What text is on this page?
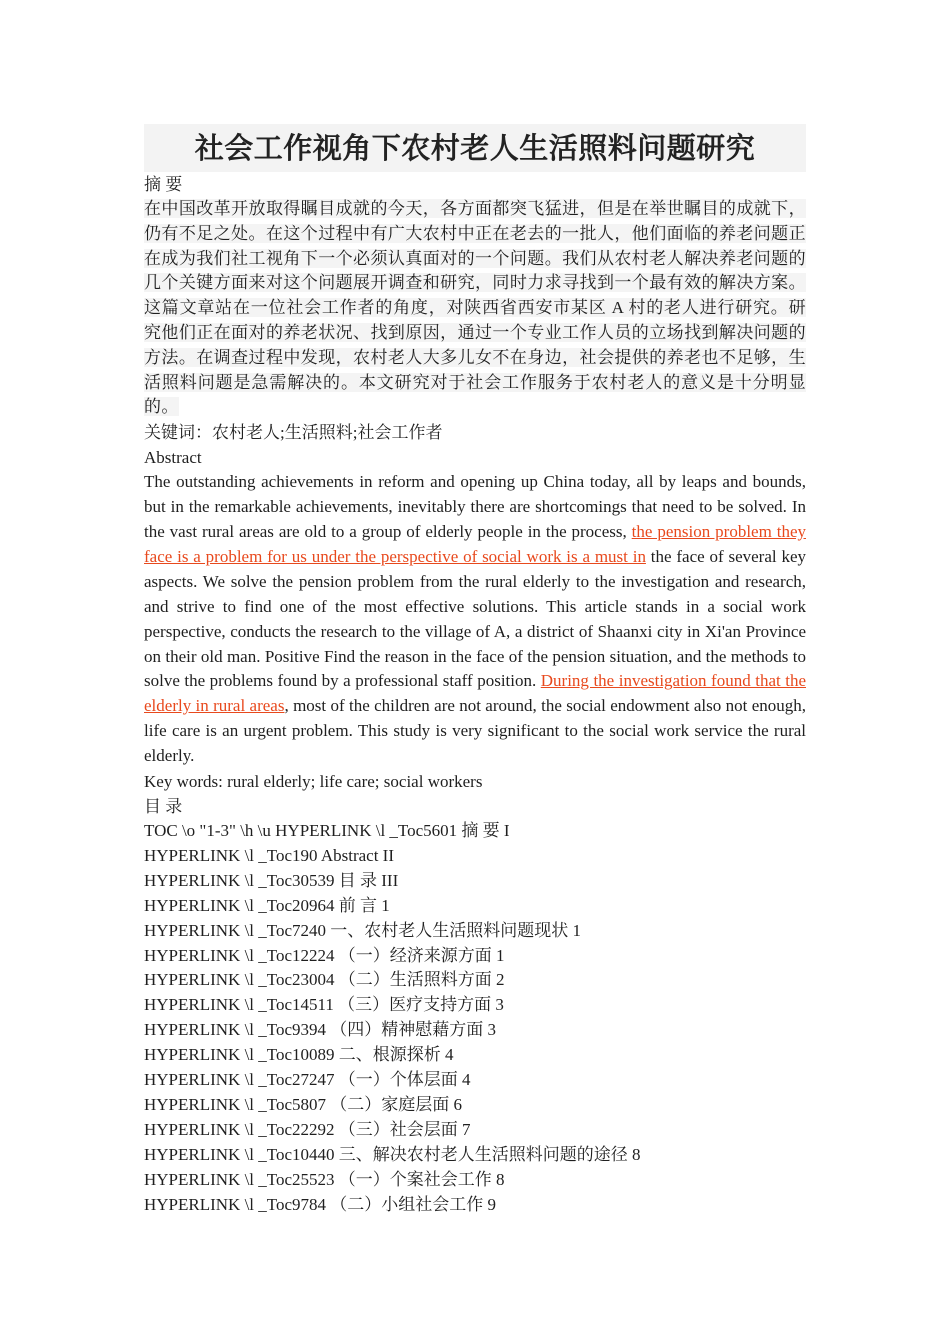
社会工作视角下农村老人生活照料问题研究

摘 要

在中国改革开放取得瞩目成就的今天，各方面都突飞猛进，但是在举世瞩目的成就下，仍有不足之处。在这个过程中有广大农村中正在老去的一批人，他们面临的养老问题正在成为我们社工视角下一个必须认真面对的一个问题。我们从农村老人解决养老问题的几个关键方面来对这个问题展开调查和研究，同时力求寻找到一个最有效的解决方案。这篇文章站在一位社会工作者的角度，对陕西省西安市某区 A 村的老人进行研究。研究他们正在面对的养老状况、找到原因，通过一个专业工作人员的立场找到解决问题的方法。在调查过程中发现，农村老人大多儿女不在身边，社会提供的养老也不足够，生活照料问题是急需解决的。本文研究对于社会工作服务于农村老人的意义是十分明显的。

关键词：农村老人;生活照料;社会工作者

Abstract

The outstanding achievements in reform and opening up China today, all by leaps and bounds, but in the remarkable achievements, inevitably there are shortcomings that need to be solved. In the vast rural areas are old to a group of elderly people in the process, the pension problem they face is a problem for us under the perspective of social work is a must in the face of several key aspects. We solve the pension problem from the rural elderly to the investigation and research, and strive to find one of the most effective solutions. This article stands in a social work perspective, conducts the research to the village of A, a district of Shaanxi city in Xi'an Province on their old man. Positive Find the reason in the face of the pension situation, and the methods to solve the problems found by a professional staff position. During the investigation found that the elderly in rural areas, most of the children are not around, the social endowment also not enough, life care is an urgent problem. This study is very significant to the social work service the rural elderly.

Key words: rural elderly; life care; social workers

目 录

TOC \o "1-3" \h \u HYPERLINK \l _Toc5601 摘 要 I

HYPERLINK \l _Toc190 Abstract II

HYPERLINK \l _Toc30539 目 录 III

HYPERLINK \l _Toc20964 前 言 1

HYPERLINK \l _Toc7240 一、农村老人生活照料问题现状 1

HYPERLINK \l _Toc12224 （一）经济来源方面 1

HYPERLINK \l _Toc23004 （二）生活照料方面 2

HYPERLINK \l _Toc14511 （三）医疗支持方面 3

HYPERLINK \l _Toc9394 （四）精神慰藉方面 3

HYPERLINK \l _Toc10089 二、根源探析 4

HYPERLINK \l _Toc27247 （一）个体层面 4

HYPERLINK \l _Toc5807 （二）家庭层面 6

HYPERLINK \l _Toc22292 （三）社会层面 7

HYPERLINK \l _Toc10440 三、解决农村老人生活照料问题的途径 8

HYPERLINK \l _Toc25523 （一）个案社会工作 8

HYPERLINK \l _Toc9784 （二）小组社会工作 9
